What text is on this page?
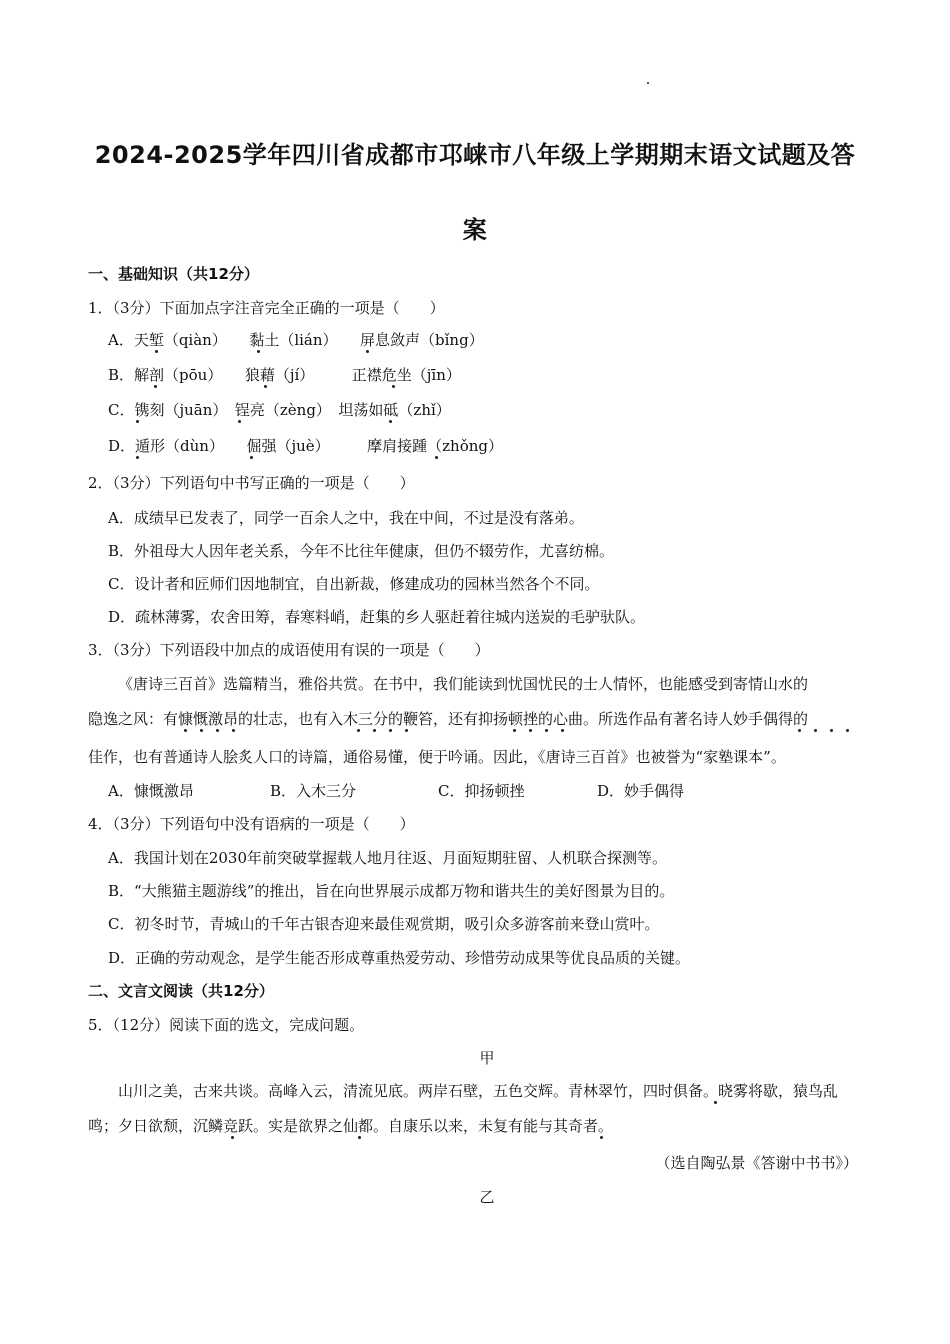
2024-2025学年四川省成都市邛崃市八年级上学期期末语文试题及答
案
一、基础知识（共12分）
1．（3分）下面加点字注音完全正确的一项是（　　）
A．天堑（qiàn）　　黏土（lián）　　屏息敛声（bǐng）
B．解剖（pōu）　　狼藉（jí）　　　正襟危坐（jīn）
C．镌刻（juān）　锃亮（zèng）　坦荡如砥（zhǐ）
D．遁形（dùn）　　倔强（juè）　　　摩肩接踵（zhǒng）
2．（3分）下列语句中书写正确的一项是（　　）
A．成绩早已发表了，同学一百余人之中，我在中间，不过是没有落弟。
B．外祖母大人因年老关系，今年不比往年健康，但仍不辍劳作，尤喜纺棉。
C．设计者和匠师们因地制宜，自出新裁，修建成功的园林当然各个不同。
D．疏林薄雾，农舍田筹，春寒料峭，赶集的乡人驱赶着往城内送炭的毛驴驮队。
3．（3分）下列语段中加点的成语使用有误的一项是（　　）
《唐诗三百首》选篇精当，雅俗共赏。在书中，我们能读到忧国忧民的士人情怀，也能感受到寄情山水的
隐逸之风：有慷慨激昂的壮志，也有入木三分的鞭笞，还有抑扬顿挫的心曲。所选作品有著名诗人妙手偶得的
佳作，也有普通诗人脍炙人口的诗篇，通俗易懂，便于吟诵。因此，《唐诗三百首》也被誉为“家塾课本”。
A．慷慨激昂	B．入木三分	C．抑扬顿挫	D．妙手偶得
4．（3分）下列语句中没有语病的一项是（　　）
A．我国计划在2030年前突破掌握载人地月往返、月面短期驻留、人机联合探测等。
B．“大熊猫主题游线”的推出，旨在向世界展示成都万物和谐共生的美好图景为目的。
C．初冬时节，青城山的千年古银杏迎来最佳观赏期，吸引众多游客前来登山赏叶。
D．正确的劳动观念，是学生能否形成尊重热爱劳动、珍惜劳动成果等优良品质的关键。
二、文言文阅读（共12分）
5．（12分）阅读下面的选文，完成问题。
甲
山川之美，古来共谈。高峰入云，清流见底。两岸石壁，五色交辉。青林翠竹，四时俱备。晓雾将歇，猿鸟乱
鸣；夕日欲颓，沉鳞竞跃。实是欲界之仙都。自康乐以来，未复有能与其奇者。
（选自陶弘景《答谢中书书》）
乙
